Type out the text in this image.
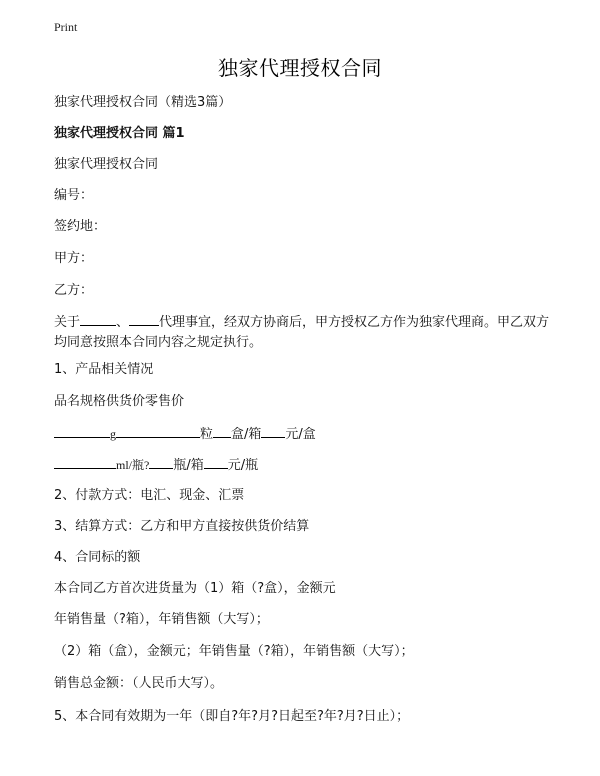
Print
独家代理授权合同
独家代理授权合同（精选3篇）
独家代理授权合同 篇1
独家代理授权合同
编号：
签约地：
甲方：
乙方：
关于	、 代理事宜，经双方协商后，甲方授权乙方作为独家代理商。甲乙双方均同意按照本合同内容之规定执行。
1、产品相关情况
品名规格供货价零售价
g	粒 盒/箱 元/盒
ml/瓶? 瓶/箱 元/瓶
2、付款方式：电汇、现金、汇票
3、结算方式：乙方和甲方直接按供货价结算
4、合同标的额
本合同乙方首次进货量为（1）箱（?盒），金额元
年销售量（?箱），年销售额（大写）；
（2）箱（盒），金额元；年销售量（?箱），年销售额（大写）；
销售总金额：（人民币大写）。
5、本合同有效期为一年（即自?年?月?日起至?年?月?日止）；
